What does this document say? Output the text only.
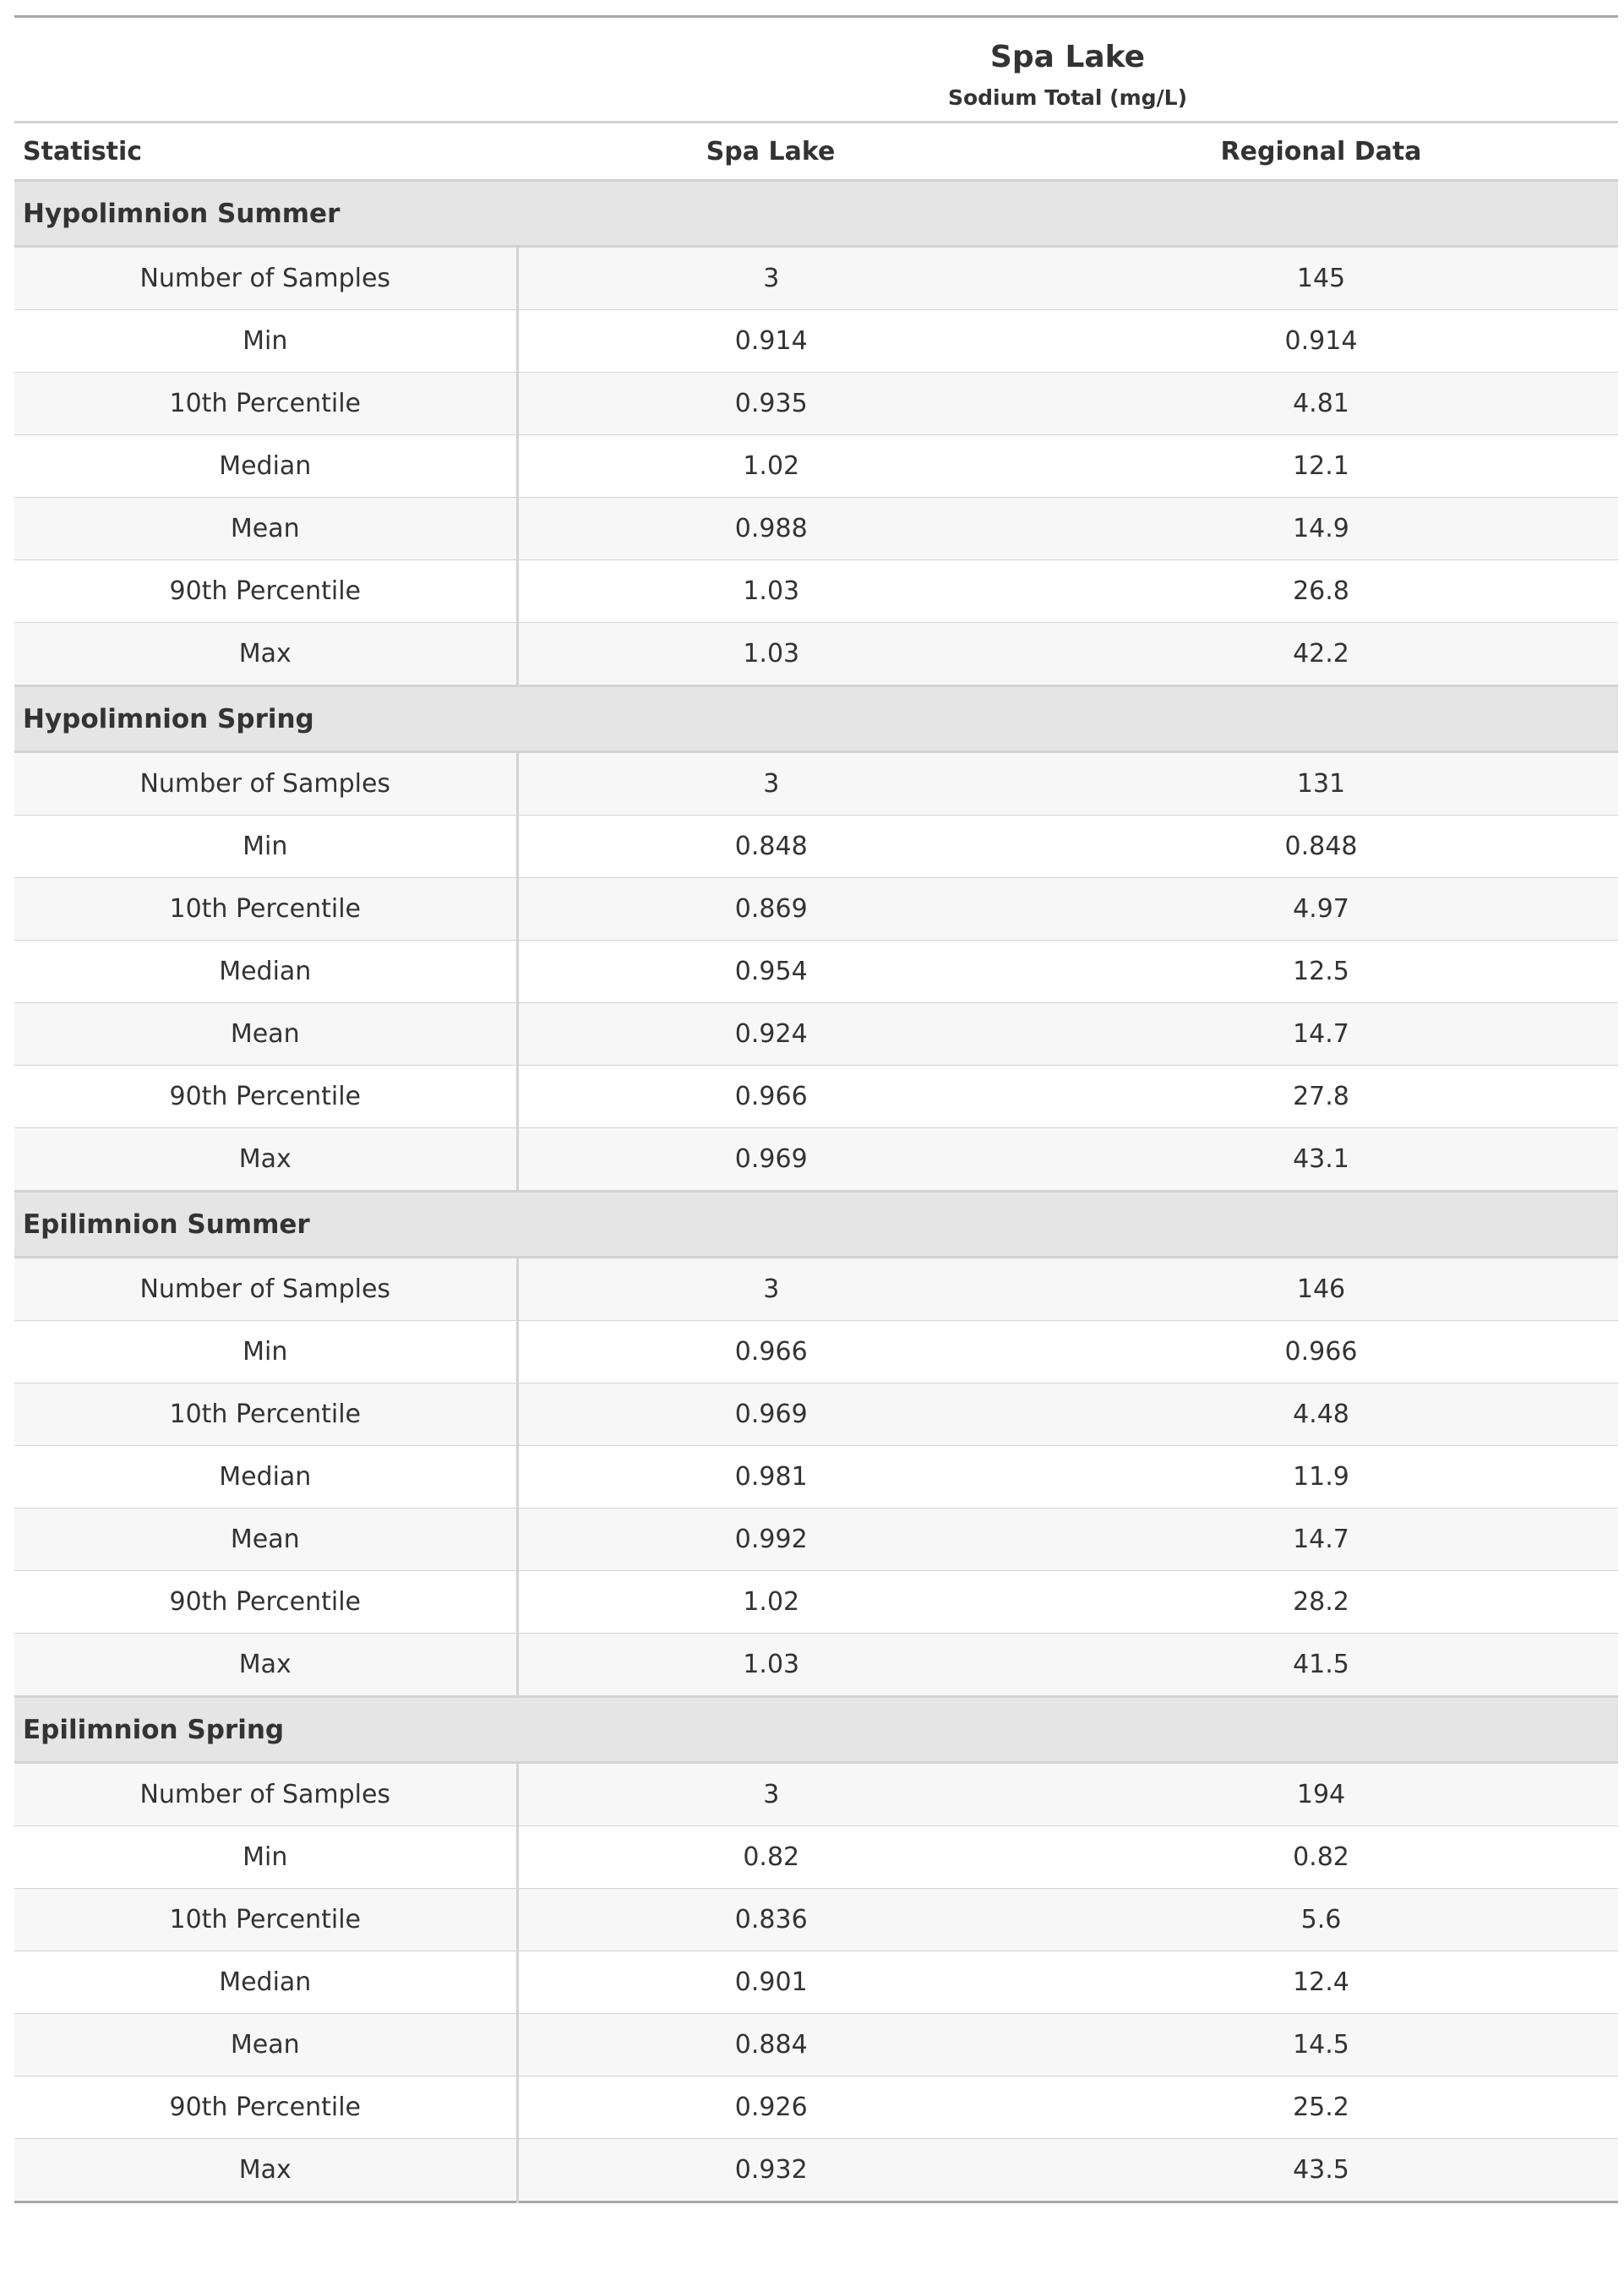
	Spa Lake
Sodium Total (mg/L)	

Statistic	Spa Lake	Regional Data
Hypolimnion Summer		
Number of Samples	3	145
Min	0.914	0.914
10th Percentile	0.935	4.81
Median	1.02	12.1
Mean	0.988	14.9
90th Percentile	1.03	26.8
Max	1.03	42.2
Hypolimnion Spring		
Number of Samples	3	131
Min	0.848	0.848
10th Percentile	0.869	4.97
Median	0.954	12.5
Mean	0.924	14.7
90th Percentile	0.966	27.8
Max	0.969	43.1
Epilimnion Summer		
Number of Samples	3	146
Min	0.966	0.966
10th Percentile	0.969	4.48
Median	0.981	11.9
Mean	0.992	14.7
90th Percentile	1.02	28.2
Max	1.03	41.5
Epilimnion Spring		
Number of Samples	3	194
Min	0.82	0.82
10th Percentile	0.836	5.6
Median	0.901	12.4
Mean	0.884	14.5
90th Percentile	0.926	25.2
Max	0.932	43.5
